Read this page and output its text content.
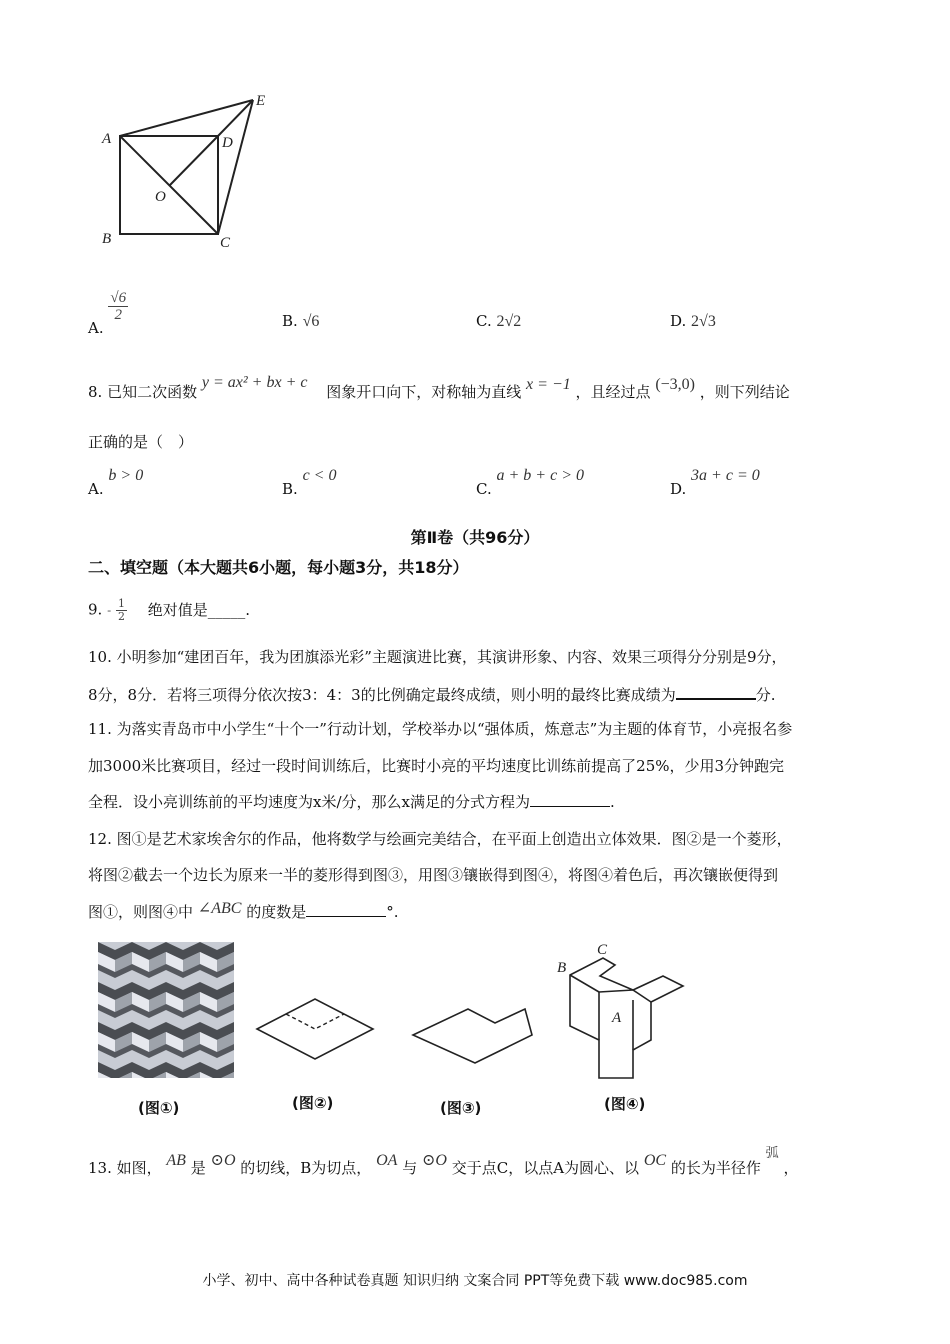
A
B	C
D
E
O
A.
$\frac{√6}{2}$	B. √6	C. 2√2	D. 2√3
8. 已知二次函数 y = ax² + bx + c 图象开口向下，对称轴为直线 x = −1 ，且经过点 (−3,0) ，则下列结论
正确的是（　）
A. b > 0
B. c < 0
C. a + b + c > 0
D. 3a + c = 0
第Ⅱ卷（共96分）
二、填空题（本大题共6小题，每小题3分，共18分）
9. - $\frac{1}{2}$ 绝对值是_____.
10. 小明参加“建团百年，我为团旗添光彩”主题演进比赛，其演讲形象、内容、效果三项得分分别是9分，
8分，8分．若将三项得分依次按3：4：3的比例确定最终成绩，则小明的最终比赛成绩为	分.
11. 为落实青岛市中小学生“十个一”行动计划，学校举办以“强体质，炼意志”为主题的体育节，小亮报名参
加3000米比赛项目，经过一段时间训练后，比赛时小亮的平均速度比训练前提高了25%，少用3分钟跑完
全程．设小亮训练前的平均速度为x米/分，那么x满足的分式方程为	.
12. 图①是艺术家埃舍尔的作品，他将数学与绘画完美结合，在平面上创造出立体效果．图②是一个菱形，
将图②截去一个边长为原来一半的菱形得到图③，用图③镶嵌得到图④，将图④着色后，再次镶嵌便得到
图①，则图④中 ∠ABC 的度数是	°.
B
C
A
(图①)	(图②)	(图③)	(图④)
13. 如图， AB 是 ⊙O 的切线，B为切点， OA 与 ⊙O 交于点C，以点A为圆心、以 OC 的长为半径作 弧 ，
小学、初中、高中各种试卷真题 知识归纳 文案合同 PPT等免费下载 www.doc985.com
